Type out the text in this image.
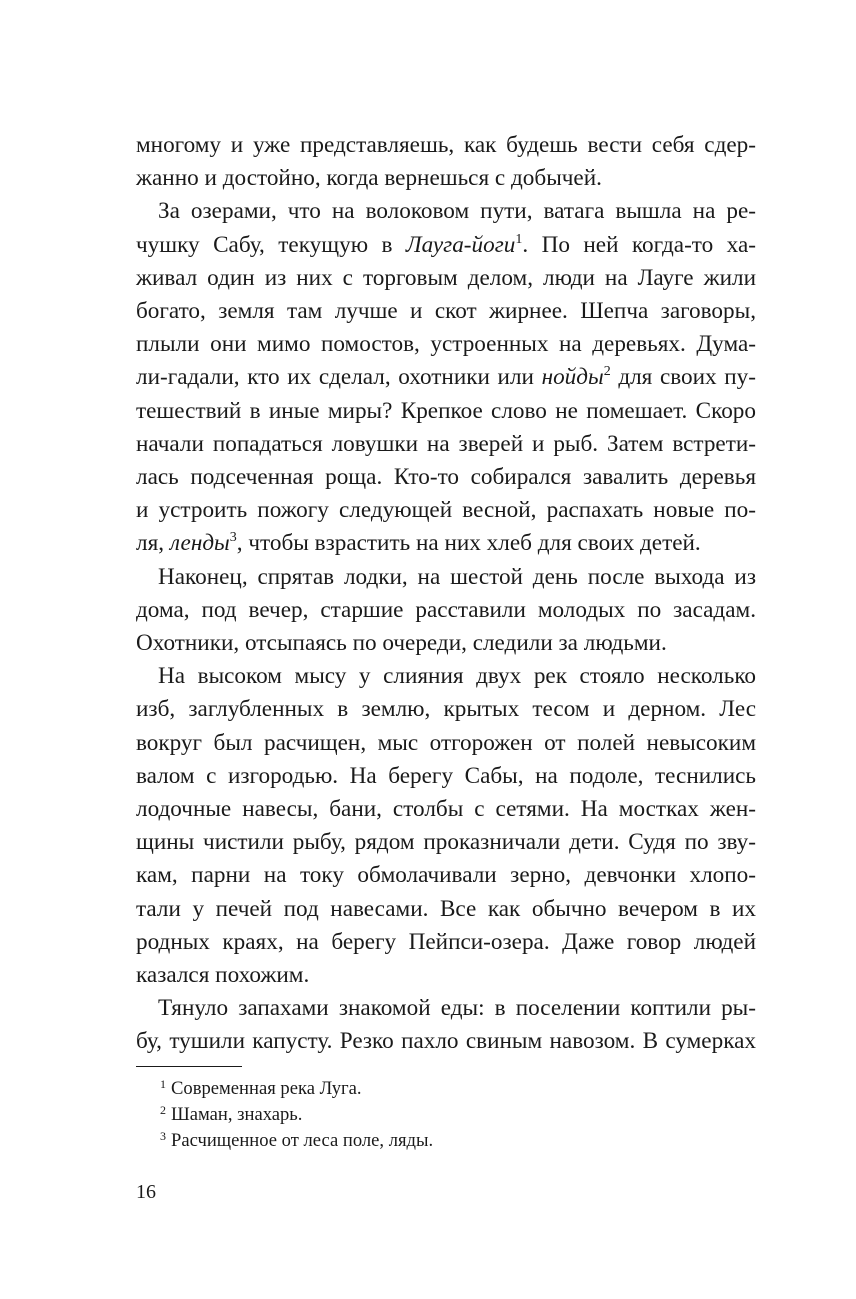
многому и уже представляешь, как будешь вести себя сдер-
жанно и достойно, когда вернешься с добычей.
За озерами, что на волоковом пути, ватага вышла на ре-
чушку Сабу, текущую в Лауга-йоги$^1$. По ней когда-то ха-
живал один из них с торговым делом, люди на Лауге жили
богато, земля там лучше и скот жирнее. Шепча заговоры,
плыли они мимо помостов, устроенных на деревьях. Дума-
ли-гадали, кто их сделал, охотники или нойды$^2$ для своих пу-
тешествий в иные миры? Крепкое слово не помешает. Скоро
начали попадаться ловушки на зверей и рыб. Затем встрети-
лась подсеченная роща. Кто-то собирался завалить деревья
и устроить пожогу следующей весной, распахать новые по-
ля, ленды$^3$, чтобы взрастить на них хлеб для своих детей.
Наконец, спрятав лодки, на шестой день после выхода из
дома, под вечер, старшие расставили молодых по засадам.
Охотники, отсыпаясь по очереди, следили за людьми.
На высоком мысу у слияния двух рек стояло несколько
изб, заглубленных в землю, крытых тесом и дерном. Лес
вокруг был расчищен, мыс отгорожен от полей невысоким
валом с изгородью. На берегу Сабы, на подоле, теснились
лодочные навесы, бани, столбы с сетями. На мостках жен-
щины чистили рыбу, рядом проказничали дети. Судя по зву-
кам, парни на току обмолачивали зерно, девчонки хлопо-
тали у печей под навесами. Все как обычно вечером в их
родных краях, на берегу Пейпси-озера. Даже говор людей
казался похожим.
Тянуло запахами знакомой еды: в поселении коптили ры-
бу, тушили капусту. Резко пахло свиным навозом. В сумерках
$^1$ Современная река Луга.
$^2$ Шаман, знахарь.
$^3$ Расчищенное от леса поле, ляды.
16
